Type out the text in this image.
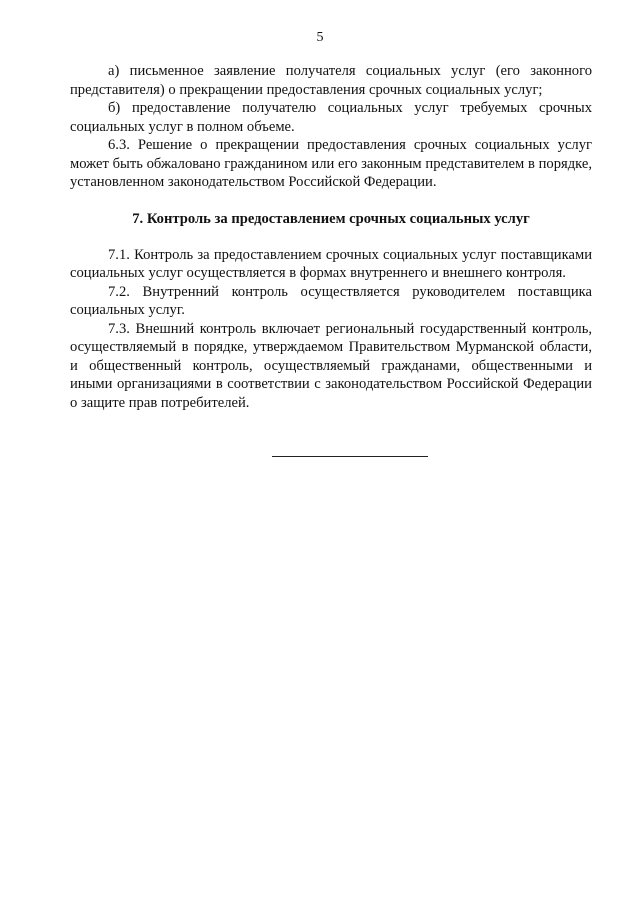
5

а) письменное заявление получателя социальных услуг (его законного представителя) о прекращении предоставления срочных социальных услуг;

б) предоставление получателю социальных услуг требуемых срочных социальных услуг в полном объеме.

6.3. Решение о прекращении предоставления срочных социальных услуг может быть обжаловано гражданином или его законным представителем в порядке, установленном законодательством Российской Федерации.

7. Контроль за предоставлением срочных социальных услуг

7.1. Контроль за предоставлением срочных социальных услуг поставщиками социальных услуг осуществляется в формах внутреннего и внешнего контроля.

7.2. Внутренний контроль осуществляется руководителем поставщика социальных услуг.

7.3. Внешний контроль включает региональный государственный контроль, осуществляемый в порядке, утверждаемом Правительством Мурманской области, и общественный контроль, осуществляемый гражданами, общественными и иными организациями в соответствии с законодательством Российской Федерации о защите прав потребителей.
